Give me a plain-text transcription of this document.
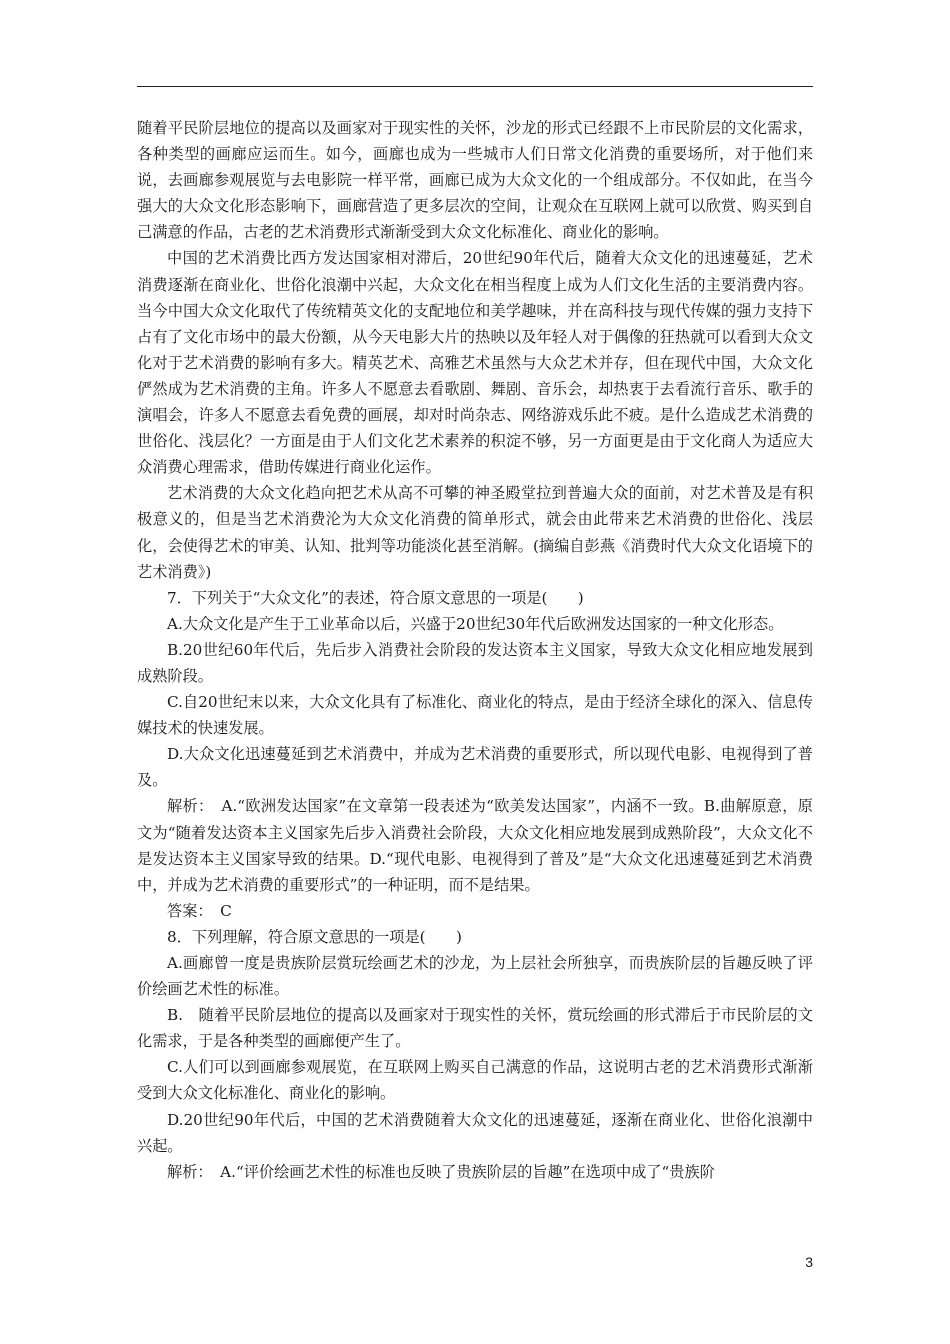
随着平民阶层地位的提高以及画家对于现实性的关怀，沙龙的形式已经跟不上市民阶层的文化需求，各种类型的画廊应运而生。如今，画廊也成为一些城市人们日常文化消费的重要场所，对于他们来说，去画廊参观展览与去电影院一样平常，画廊已成为大众文化的一个组成部分。不仅如此，在当今强大的大众文化形态影响下，画廊营造了更多层次的空间，让观众在互联网上就可以欣赏、购买到自己满意的作品，古老的艺术消费形式渐渐受到大众文化标准化、商业化的影响。

中国的艺术消费比西方发达国家相对滞后，20世纪90年代后，随着大众文化的迅速蔓延，艺术消费逐渐在商业化、世俗化浪潮中兴起，大众文化在相当程度上成为人们文化生活的主要消费内容。当今中国大众文化取代了传统精英文化的支配地位和美学趣味，并在高科技与现代传媒的强力支持下占有了文化市场中的最大份额，从今天电影大片的热映以及年轻人对于偶像的狂热就可以看到大众文化对于艺术消费的影响有多大。精英艺术、高雅艺术虽然与大众艺术并存，但在现代中国，大众文化俨然成为艺术消费的主角。许多人不愿意去看歌剧、舞剧、音乐会，却热衷于去看流行音乐、歌手的演唱会，许多人不愿意去看免费的画展，却对时尚杂志、网络游戏乐此不疲。是什么造成艺术消费的世俗化、浅层化？一方面是由于人们文化艺术素养的积淀不够，另一方面更是由于文化商人为适应大众消费心理需求，借助传媒进行商业化运作。

艺术消费的大众文化趋向把艺术从高不可攀的神圣殿堂拉到普遍大众的面前，对艺术普及是有积极意义的，但是当艺术消费沦为大众文化消费的简单形式，就会由此带来艺术消费的世俗化、浅层化，会使得艺术的审美、认知、批判等功能淡化甚至消解。(摘编自彭燕《消费时代大众文化语境下的艺术消费》)

7．下列关于“大众文化”的表述，符合原文意思的一项是(　　)

A.大众文化是产生于工业革命以后，兴盛于20世纪30年代后欧洲发达国家的一种文化形态。

B.20世纪60年代后，先后步入消费社会阶段的发达资本主义国家，导致大众文化相应地发展到成熟阶段。

C.自20世纪末以来，大众文化具有了标准化、商业化的特点，是由于经济全球化的深入、信息传媒技术的快速发展。

D.大众文化迅速蔓延到艺术消费中，并成为艺术消费的重要形式，所以现代电影、电视得到了普及。

解析：　A.“欧洲发达国家”在文章第一段表述为“欧美发达国家”，内涵不一致。B.曲解原意，原文为“随着发达资本主义国家先后步入消费社会阶段，大众文化相应地发展到成熟阶段”，大众文化不是发达资本主义国家导致的结果。D.“现代电影、电视得到了普及”是“大众文化迅速蔓延到艺术消费中，并成为艺术消费的重要形式”的一种证明，而不是结果。

答案：　C

8．下列理解，符合原文意思的一项是(　　)

A.画廊曾一度是贵族阶层赏玩绘画艺术的沙龙，为上层社会所独享，而贵族阶层的旨趣反映了评价绘画艺术性的标准。

B.　随着平民阶层地位的提高以及画家对于现实性的关怀，赏玩绘画的形式滞后于市民阶层的文化需求，于是各种类型的画廊便产生了。

C.人们可以到画廊参观展览，在互联网上购买自己满意的作品，这说明古老的艺术消费形式渐渐受到大众文化标准化、商业化的影响。

D.20世纪90年代后，中国的艺术消费随着大众文化的迅速蔓延，逐渐在商业化、世俗化浪潮中兴起。

解析：　A.“评价绘画艺术性的标准也反映了贵族阶层的旨趣”在选项中成了“贵族阶

3
